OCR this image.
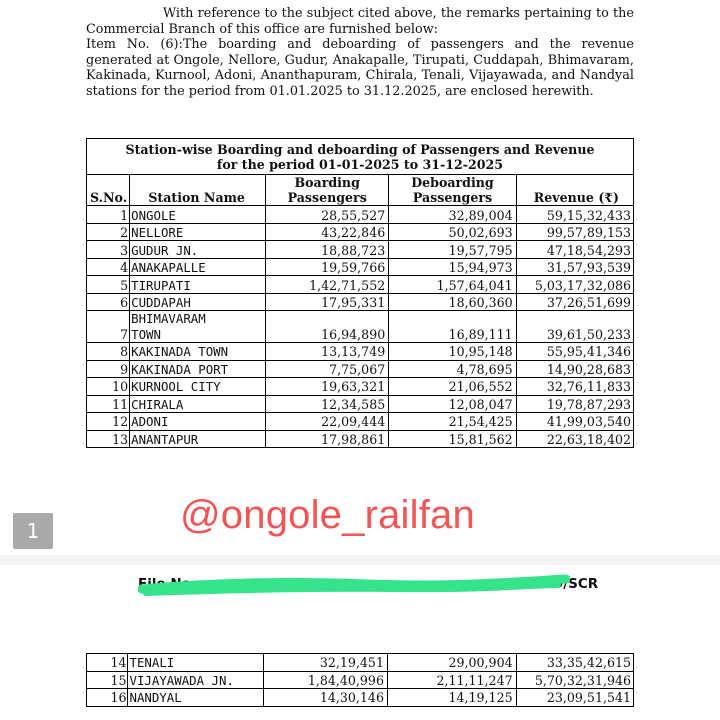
With reference to the subject cited above, the remarks pertaining to the Commercial Branch of this office are furnished below:

Item No. (6):The boarding and deboarding of passengers and the revenue generated at Ongole, Nellore, Gudur, Anakapalle, Tirupati, Cuddapah, Bhimavaram, Kakinada, Kurnool, Adoni, Ananthapuram, Chirala, Tenali, Vijayawada, and Nandyal stations for the period from 01.01.2025 to 31.12.2025, are enclosed herewith.

Station-wise Boarding and deboarding of Passengers and Revenue
for the period 01-01-2025 to 31-12-2025				

S.No.	Station Name	Boarding Passengers	Deboarding Passengers	Revenue (₹)
1	ONGOLE	28,55,527	32,89,004	59,15,32,433
2	NELLORE	43,22,846	50,02,693	99,57,89,153
3	GUDUR JN.	18,88,723	19,57,795	47,18,54,293
4	ANAKAPALLE	19,59,766	15,94,973	31,57,93,539
5	TIRUPATI	1,42,71,552	1,57,64,041	5,03,17,32,086
6	CUDDAPAH	17,95,331	18,60,360	37,26,51,699
7	BHIMAVARAM
TOWN	16,94,890	16,89,111	39,61,50,233
8	KAKINADA TOWN	13,13,749	10,95,148	55,95,41,346
9	KAKINADA PORT	7,75,067	4,78,695	14,90,28,683
10	KURNOOL CITY	19,63,321	21,06,552	32,76,11,833
11	CHIRALA	12,34,585	12,08,047	19,78,87,293
12	ADONI	22,09,444	21,54,425	41,99,03,540
13	ANANTAPUR	17,98,861	15,81,562	22,63,18,402
@ongole_railfan
1
File No	D/SCR
14	TENALI	32,19,451	29,00,904	33,35,42,615
15	VIJAYAWADA JN.	1,84,40,996	2,11,11,247	5,70,32,31,946
16	NANDYAL	14,30,146	14,19,125	23,09,51,541
